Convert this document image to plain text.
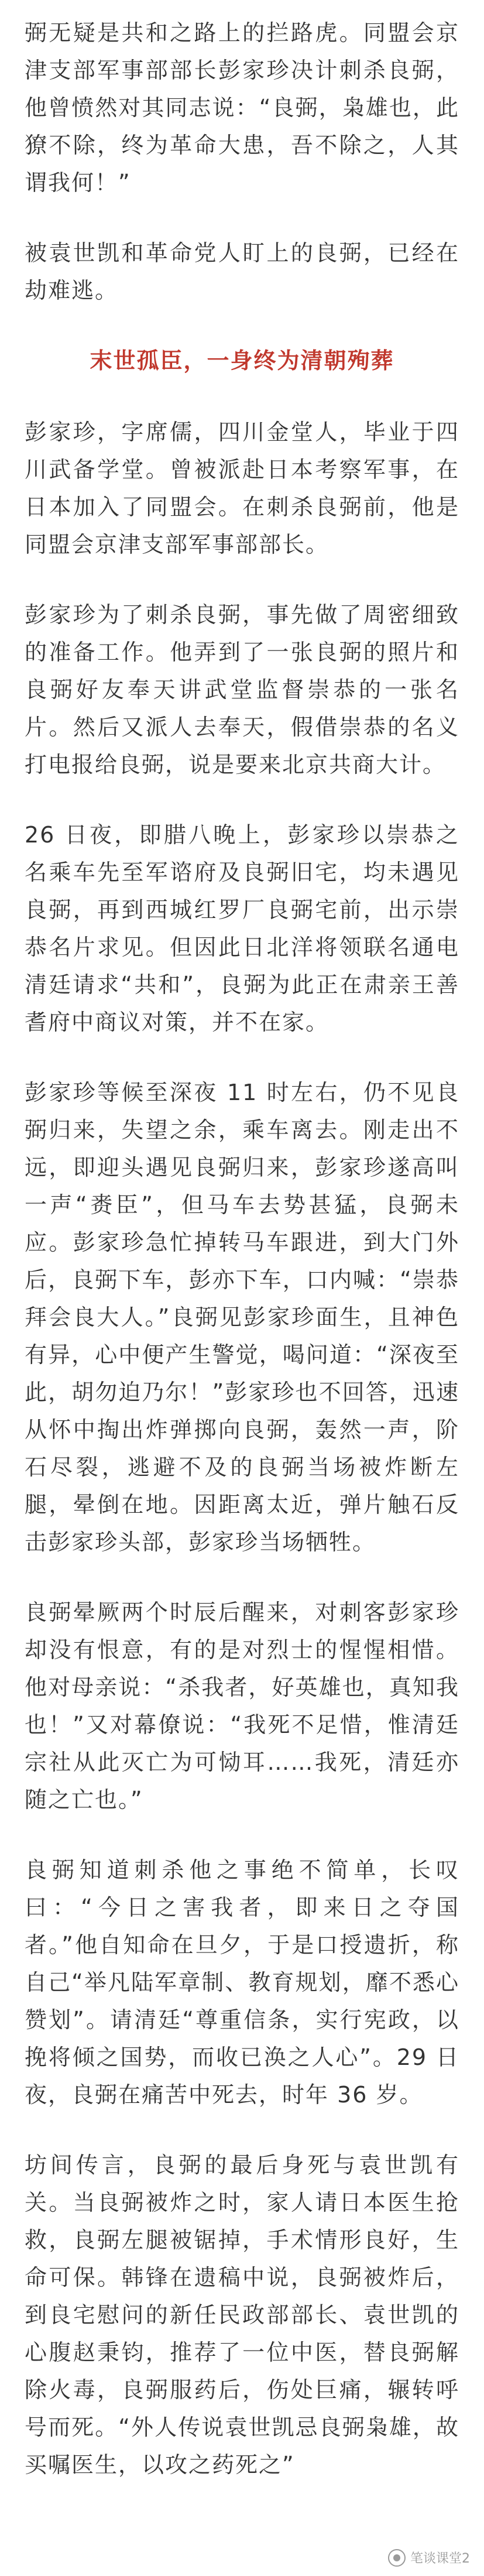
弼无疑是共和之路上的拦路虎。同盟会京津支部军事部部长彭家珍决计刺杀良弼，他曾愤然对其同志说：“良弼，枭雄也，此獠不除，终为革命大患，吾不除之，人其谓我何！”

被袁世凯和革命党人盯上的良弼，已经在劫难逃。

末世孤臣，一身终为清朝殉葬

彭家珍，字席儒，四川金堂人，毕业于四川武备学堂。曾被派赴日本考察军事，在日本加入了同盟会。在刺杀良弼前，他是同盟会京津支部军事部部长。

彭家珍为了刺杀良弼，事先做了周密细致的准备工作。他弄到了一张良弼的照片和良弼好友奉天讲武堂监督崇恭的一张名片。然后又派人去奉天，假借崇恭的名义打电报给良弼，说是要来北京共商大计。

26 日夜，即腊八晚上，彭家珍以崇恭之名乘车先至军谘府及良弼旧宅，均未遇见良弼，再到西城红罗厂良弼宅前，出示崇恭名片求见。但因此日北洋将领联名通电清廷请求“共和”，良弼为此正在肃亲王善耆府中商议对策，并不在家。

彭家珍等候至深夜 11 时左右，仍不见良弼归来，失望之余，乘车离去。刚走出不远，即迎头遇见良弼归来，彭家珍遂高叫一声“赉臣”，但马车去势甚猛，良弼未应。彭家珍急忙掉转马车跟进，到大门外后，良弼下车，彭亦下车，口内喊：“崇恭拜会良大人。”良弼见彭家珍面生，且神色有异，心中便产生警觉，喝问道：“深夜至此，胡勿迫乃尔！”彭家珍也不回答，迅速从怀中掏出炸弹掷向良弼，轰然一声，阶石尽裂，逃避不及的良弼当场被炸断左腿，晕倒在地。因距离太近，弹片触石反击彭家珍头部，彭家珍当场牺牲。

良弼晕厥两个时辰后醒来，对刺客彭家珍却没有恨意，有的是对烈士的惺惺相惜。他对母亲说：“杀我者，好英雄也，真知我也！”又对幕僚说：“我死不足惜，惟清廷宗社从此灭亡为可恸耳……我死，清廷亦随之亡也。”

良弼知道刺杀他之事绝不简单，长叹曰：“今日之害我者，即来日之夺国者。”他自知命在旦夕，于是口授遗折，称自己“举凡陆军章制、教育规划，靡不悉心赞划”。请清廷“尊重信条，实行宪政，以挽将倾之国势，而收已涣之人心”。29 日夜，良弼在痛苦中死去，时年 36 岁。

坊间传言，良弼的最后身死与袁世凯有关。当良弼被炸之时，家人请日本医生抢救，良弼左腿被锯掉，手术情形良好，生命可保。韩锋在遗稿中说，良弼被炸后，到良宅慰问的新任民政部部长、袁世凯的心腹赵秉钧，推荐了一位中医，替良弼解除火毒，良弼服药后，伤处巨痛，辗转呼号而死。“外人传说袁世凯忌良弼枭雄，故买嘱医生，以攻之药死之”

笔谈课堂2
